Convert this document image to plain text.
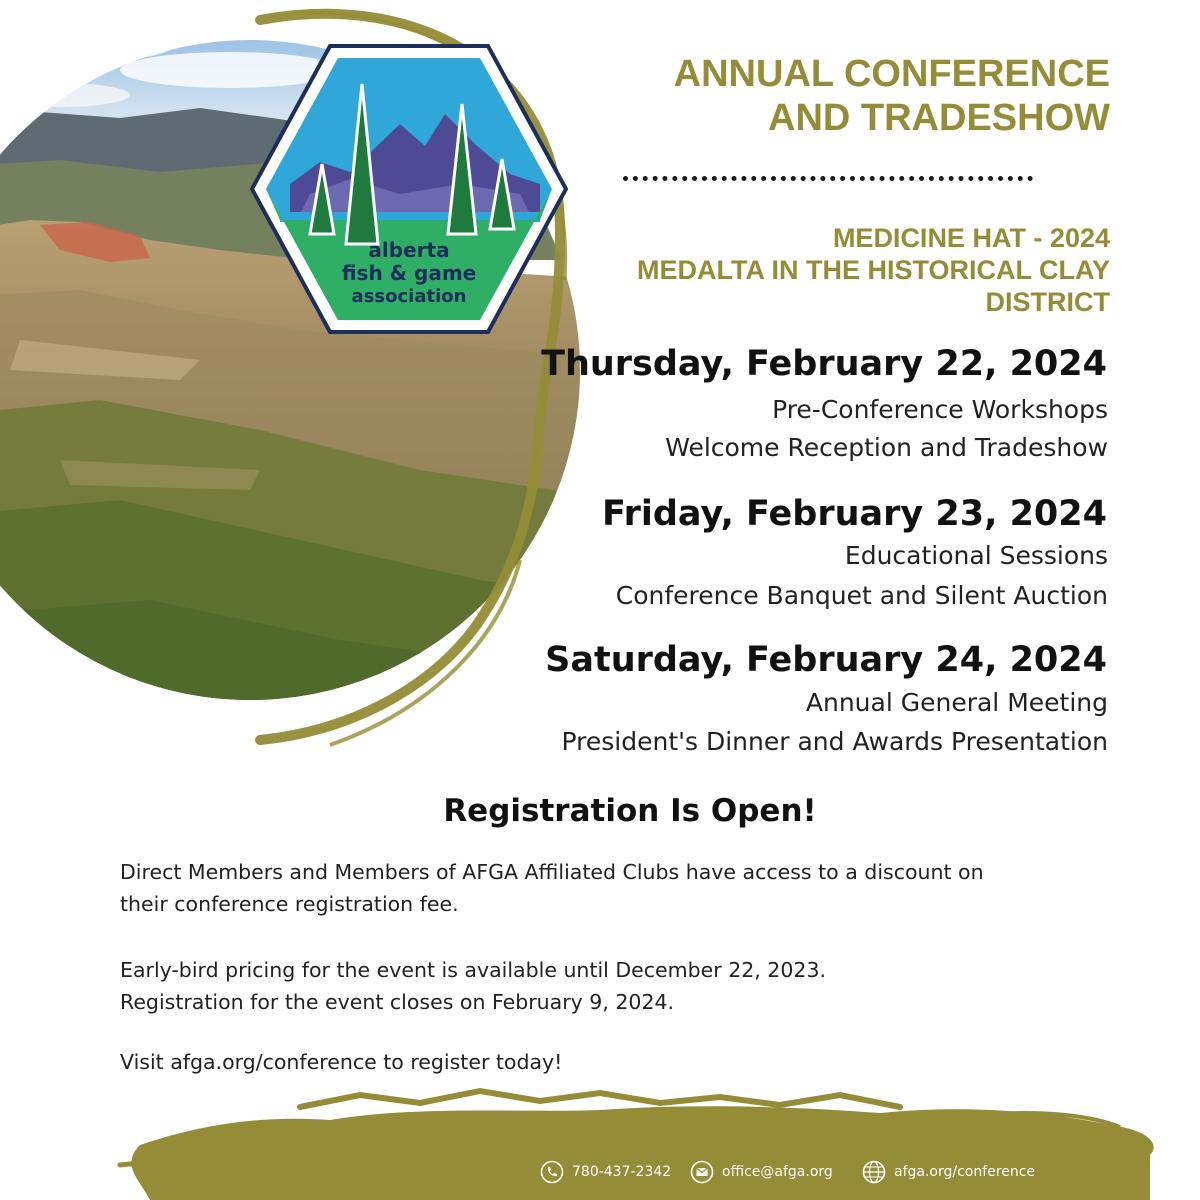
alberta
fish & game
association
ANNUAL CONFERENCE
AND TRADESHOW
MEDICINE HAT - 2024
MEDALTA IN THE HISTORICAL CLAY
DISTRICT
Thursday, February 22, 2024
Pre-Conference Workshops
Welcome Reception and Tradeshow
Friday, February 23, 2024
Educational Sessions
Conference Banquet and Silent Auction
Saturday, February 24, 2024
Annual General Meeting
President's Dinner and Awards Presentation
Registration Is Open!
Direct Members and Members of AFGA Affiliated Clubs have access to a discount on
their conference registration fee.
Early-bird pricing for the event is available until December 22, 2023.
Registration for the event closes on February 9, 2024.
Visit afga.org/conference to register today!
780-437-2342	office@afga.org	afga.org/conference
